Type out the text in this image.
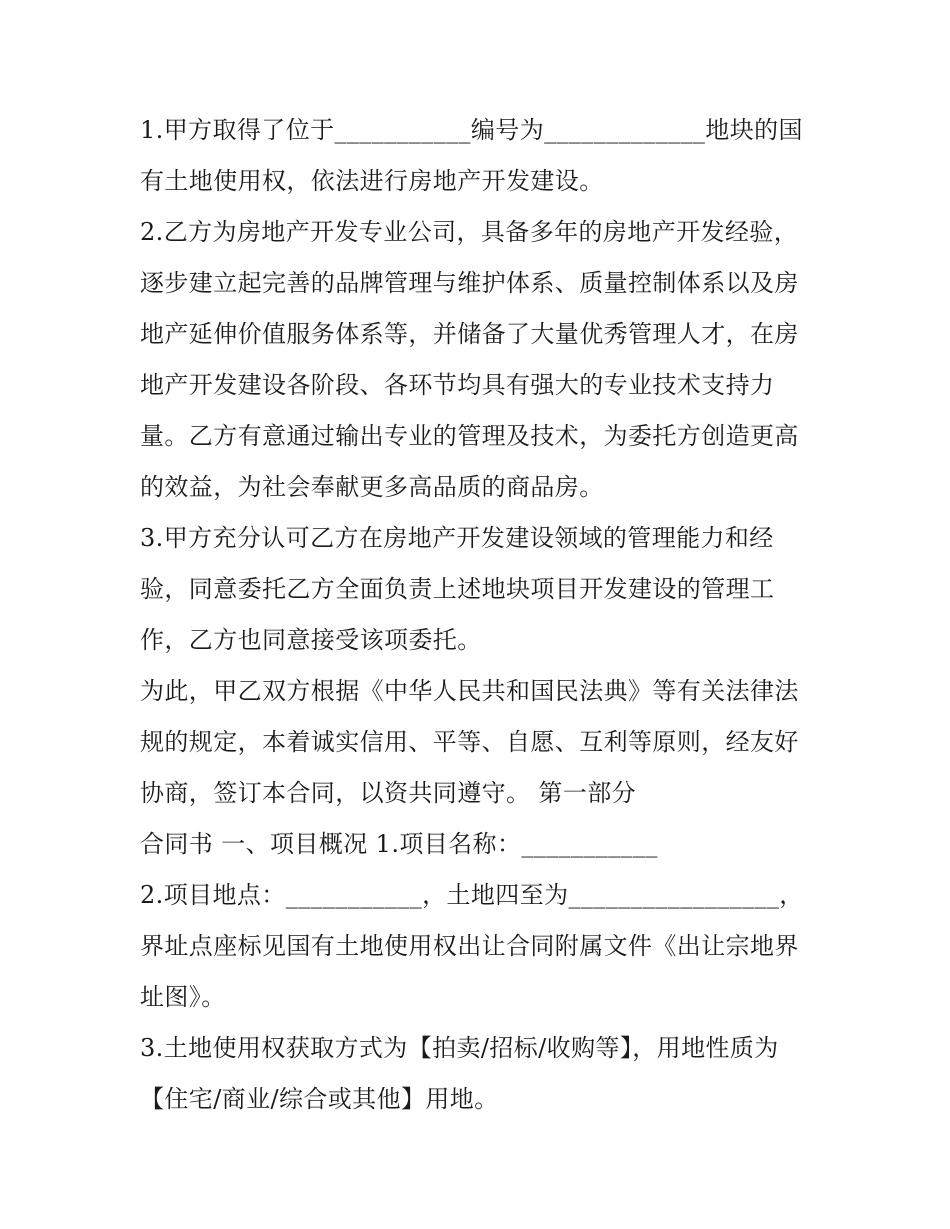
1.甲方取得了位于___________编号为_____________地块的国
有土地使用权，依法进行房地产开发建设。
2.乙方为房地产开发专业公司，具备多年的房地产开发经验，
逐步建立起完善的品牌管理与维护体系、质量控制体系以及房
地产延伸价值服务体系等，并储备了大量优秀管理人才，在房
地产开发建设各阶段、各环节均具有强大的专业技术支持力
量。乙方有意通过输出专业的管理及技术，为委托方创造更高
的效益，为社会奉献更多高品质的商品房。
3.甲方充分认可乙方在房地产开发建设领域的管理能力和经
验，同意委托乙方全面负责上述地块项目开发建设的管理工
作，乙方也同意接受该项委托。
为此，甲乙双方根据《中华人民共和国民法典》等有关法律法
规的规定，本着诚实信用、平等、自愿、互利等原则，经友好
协商，签订本合同，以资共同遵守。 第一部分
合同书 一、项目概况 1.项目名称：___________
2.项目地点：___________，土地四至为_________________，
界址点座标见国有土地使用权出让合同附属文件《出让宗地界
址图》。
3.土地使用权获取方式为【拍卖/招标/收购等】，用地性质为
【住宅/商业/综合或其他】用地。
